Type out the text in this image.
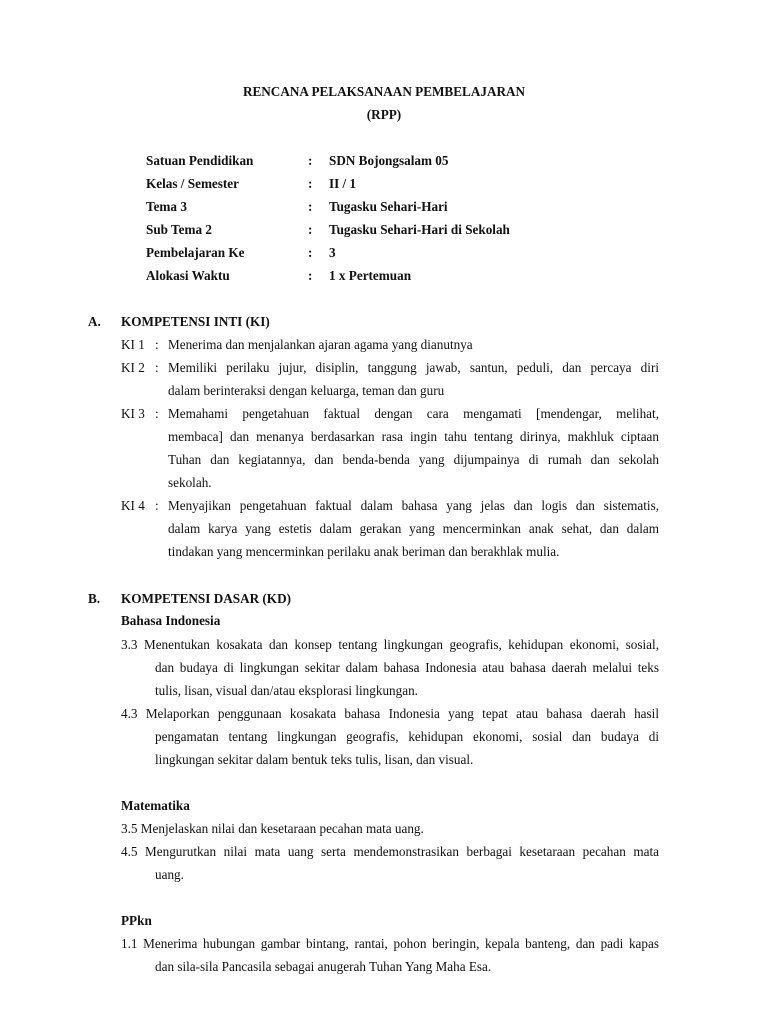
RENCANA PELAKSANAAN PEMBELAJARAN
(RPP)
Satuan Pendidikan	: SDN Bojongsalam 05
Kelas / Semester	: II / 1
Tema 3	: Tugasku Sehari-Hari
Sub Tema 2	: Tugasku Sehari-Hari di Sekolah
Pembelajaran Ke	: 3
Alokasi Waktu	: 1 x Pertemuan
A. KOMPETENSI INTI (KI)
KI 1 : Menerima dan menjalankan ajaran agama yang dianutnya
KI 2 : Memiliki perilaku jujur, disiplin, tanggung jawab, santun, peduli, dan percaya diri
dalam berinteraksi dengan keluarga, teman dan guru
KI 3 : Memahami pengetahuan faktual dengan cara mengamati [mendengar, melihat,
membaca] dan menanya berdasarkan rasa ingin tahu tentang dirinya, makhluk ciptaan
Tuhan dan kegiatannya, dan benda-benda yang dijumpainya di rumah dan sekolah
sekolah.
KI 4 : Menyajikan pengetahuan faktual dalam bahasa yang jelas dan logis dan sistematis,
dalam karya yang estetis dalam gerakan yang mencerminkan anak sehat, dan dalam
tindakan yang mencerminkan perilaku anak beriman dan berakhlak mulia.
B. KOMPETENSI DASAR (KD)
Bahasa Indonesia
3.3 Menentukan kosakata dan konsep tentang lingkungan geografis, kehidupan ekonomi, sosial,
dan budaya di lingkungan sekitar dalam bahasa Indonesia atau bahasa daerah melalui teks
tulis, lisan, visual dan/atau eksplorasi lingkungan.
4.3 Melaporkan penggunaan kosakata bahasa Indonesia yang tepat atau bahasa daerah hasil
pengamatan tentang lingkungan geografis, kehidupan ekonomi, sosial dan budaya di
lingkungan sekitar dalam bentuk teks tulis, lisan, dan visual.
Matematika
3.5 Menjelaskan nilai dan kesetaraan pecahan mata uang.
4.5 Mengurutkan nilai mata uang serta mendemonstrasikan berbagai kesetaraan pecahan mata
uang.
PPkn
1.1 Menerima hubungan gambar bintang, rantai, pohon beringin, kepala banteng, dan padi kapas
dan sila-sila Pancasila sebagai anugerah Tuhan Yang Maha Esa.
